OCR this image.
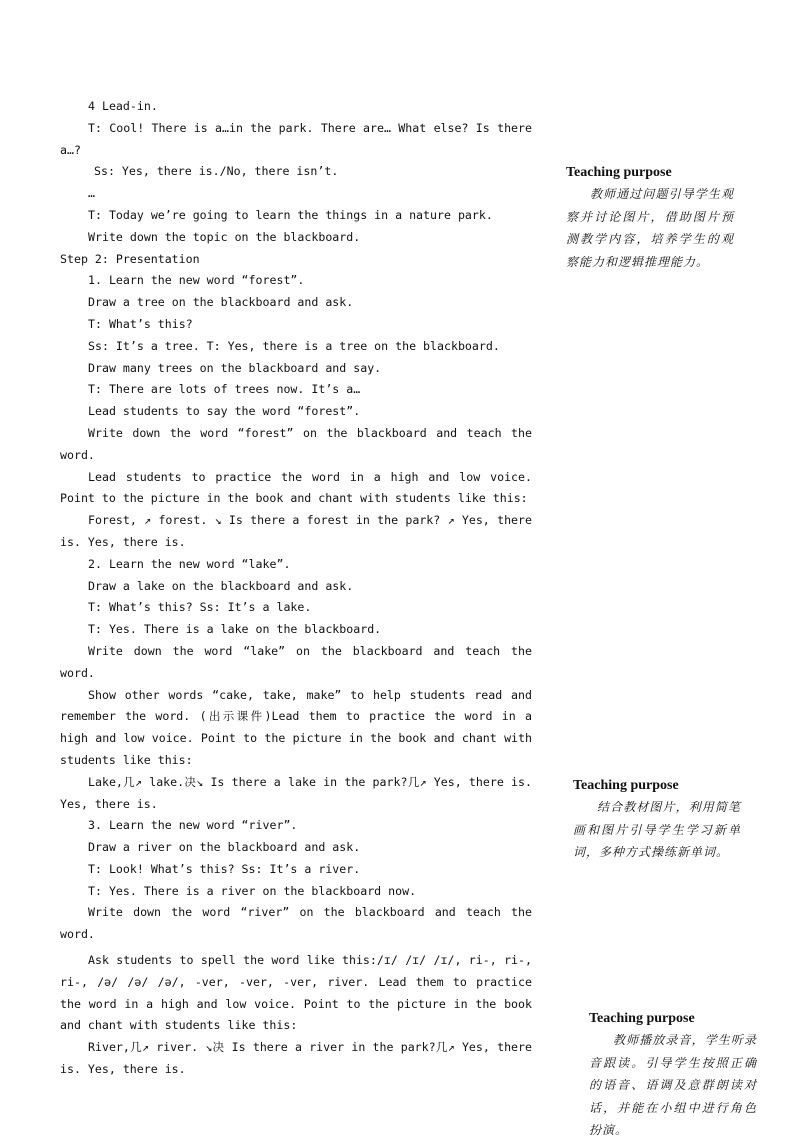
4 Lead-in.

T: Cool! There is a…in the park. There are… What else? Is there a…?

Ss: Yes, there is./No, there isn’t.

…

T: Today we’re going to learn the things in a nature park.

Write down the topic on the blackboard.

Step 2: Presentation

1. Learn the new word “forest”.

Draw a tree on the blackboard and ask.

T: What’s this?

Ss: It’s a tree. T: Yes, there is a tree on the blackboard.

Draw many trees on the blackboard and say.

T: There are lots of trees now. It’s a…

Lead students to say the word “forest”.

Write down the word “forest” on the blackboard and teach the word.

Lead students to practice the word in a high and low voice. Point to the picture in the book and chant with students like this:

Forest, ↗ forest. ↘ Is there a forest in the park? ↗ Yes, there is. Yes, there is.

2. Learn the new word “lake”.

Draw a lake on the blackboard and ask.

T: What’s this? Ss: It’s a lake.

T: Yes. There is a lake on the blackboard.

Write down the word “lake” on the blackboard and teach the word.

Show other words “cake, take, make” to help students read and remember the word. (出示课件)Lead them to practice the word in a high and low voice. Point to the picture in the book and chant with students like this:

Lake,几↗ lake.决↘ Is there a lake in the park?几↗ Yes, there is. Yes, there is.

3. Learn the new word “river”.

Draw a river on the blackboard and ask.

T: Look! What’s this? Ss: It’s a river.

T: Yes. There is a river on the blackboard now.

Write down the word “river” on the blackboard and teach the word.

Ask students to spell the word like this:/ɪ/ /ɪ/ /ɪ/, ri-, ri-, ri-, /ə/ /ə/ /ə/, -ver, -ver, -ver, river. Lead them to practice the word in a high and low voice. Point to the picture in the book and chant with students like this:

River,几↗ river. ↘决 Is there a river in the park?几↗ Yes, there is. Yes, there is.

Teaching purpose

教师通过问题引导学生观察并讨论图片，借助图片预测教学内容，培养学生的观察能力和逻辑推理能力。

Teaching purpose

结合教材图片，利用简笔画和图片引导学生学习新单词，多种方式操练新单词。

Teaching purpose

教师播放录音，学生听录音跟读。引导学生按照正确的语音、语调及意群朗读对话，并能在小组中进行角色扮演。
